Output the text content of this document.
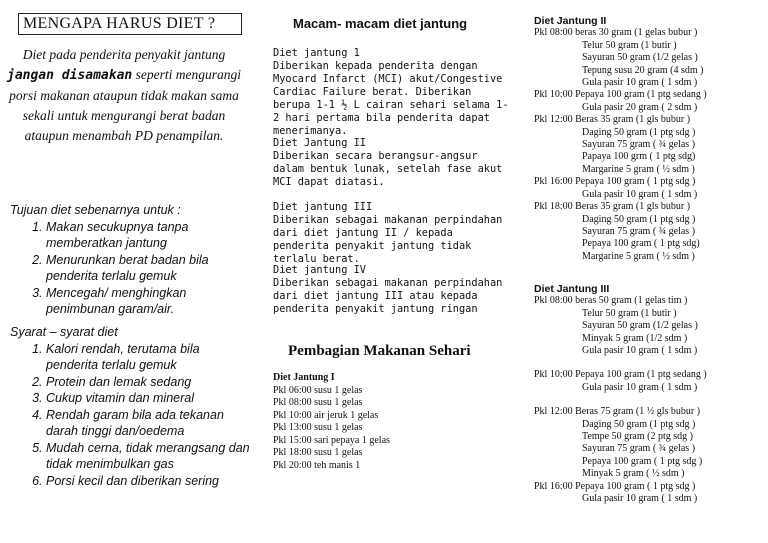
MENGAPA HARUS DIET ?
Diet pada penderita penyakit jantung jangan disamakan seperti mengurangi porsi makanan ataupun tidak makan sama sekali untuk mengurangi berat badan ataupun menambah PD penampilan.

Tujuan diet sebenarnya untuk :

1. Makan secukupnya tanpa memberatkan jantung
2. Menurunkan berat badan bila penderita terlalu gemuk
3. Mencegah/ menghingkan penimbunan garam/air.

Syarat – syarat diet

1. Kalori rendah, terutama bila penderita terlalu gemuk
2. Protein dan lemak sedang
3. Cukup vitamin dan mineral
4. Rendah garam bila ada tekanan darah tinggi dan/oedema
5. Mudah cerna, tidak merangsang dan tidak menimbulkan gas
6. Porsi kecil dan diberikan sering
Macam- macam diet jantung
Diet jantung 1
Diberikan kepada penderita dengan Myocard Infarct (MCI) akut/Congestive Cardiac Failure berat. Diberikan berupa 1-1 ½ L cairan sehari selama 1-2 hari pertama bila penderita dapat menerimanya.
Diet Jantung II
Diberikan secara berangsur-angsur dalam bentuk lunak, setelah fase akut MCI dapat diatasi.
Diet jantung III
Diberikan sebagai makanan perpindahan dari diet jantung II / kepada penderita penyakit jantung tidak terlalu berat.
Diet jantung IV
Diberikan sebagai makanan perpindahan dari diet jantung III atau kepada penderita penyakit jantung ringan
Pembagian Makanan Sehari
Diet Jantung I
Pkl 06:00 susu 1 gelas
Pkl 08:00 susu 1 gelas
Pkl 10:00 air jeruk 1 gelas
Pkl 13:00 susu 1 gelas
Pkl 15:00 sari pepaya 1 gelas
Pkl 18:00 susu 1 gelas
Pkl 20:00 teh manis 1
Diet Jantung II
Pkl 08:00 beras 30 gram (1 gelas bubur )
Telur 50 gram (1 butir )
Sayuran 50 gram (1/2 gelas )
Tepung susu 20 gram (4 sdm )
Gula pasir 10 gram ( 1 sdm )
Pkl 10:00 Pepaya 100 gram (1 ptg sedang )
Gula pasir 20 gram ( 2 sdm )
Pkl 12:00 Beras 35 gram (1 gls bubur )
Daging 50 gram (1 ptg sdg )
Sayuran 75 gram ( ¾ gelas )
Papaya 100 grm ( 1 ptg sdg)
Margarine 5 gram ( ½ sdm )
Pkl 16:00 Pepaya 100 gram ( 1 ptg sdg )
Gula pasir 10 gram ( 1 sdm )
Pkl 18:00 Beras 35 gram (1 gls bubur )
Daging 50 gram (1 ptg sdg )
Sayuran 75 gram ( ¾ gelas )
Pepaya 100 gram ( 1 ptg sdg)
Margarine 5 gram ( ½ sdm )
Diet Jantung III
Pkl 08:00 beras 50 gram (1 gelas tim )
Telur 50 gram (1 butir )
Sayuran 50 gram (1/2 gelas )
Minyak 5 gram (1/2 sdm )
Gula pasir 10 gram ( 1 sdm )
Pkl 10:00 Pepaya 100 gram (1 ptg sedang )
Gula pasir 10 gram ( 1 sdm )
Pkl 12:00 Beras 75 gram (1 ½ gls bubur )
Daging 50 gram (1 ptg sdg )
Tempe 50 gram (2 ptg sdg )
Sayuran 75 gram ( ¾ gelas )
Pepaya 100 gram ( 1 ptg sdg )
Minyak 5 gram ( ½ sdm )
Pkl 16:00 Pepaya 100 gram ( 1 ptg sdg )
Gula pasir 10 gram ( 1 sdm )
